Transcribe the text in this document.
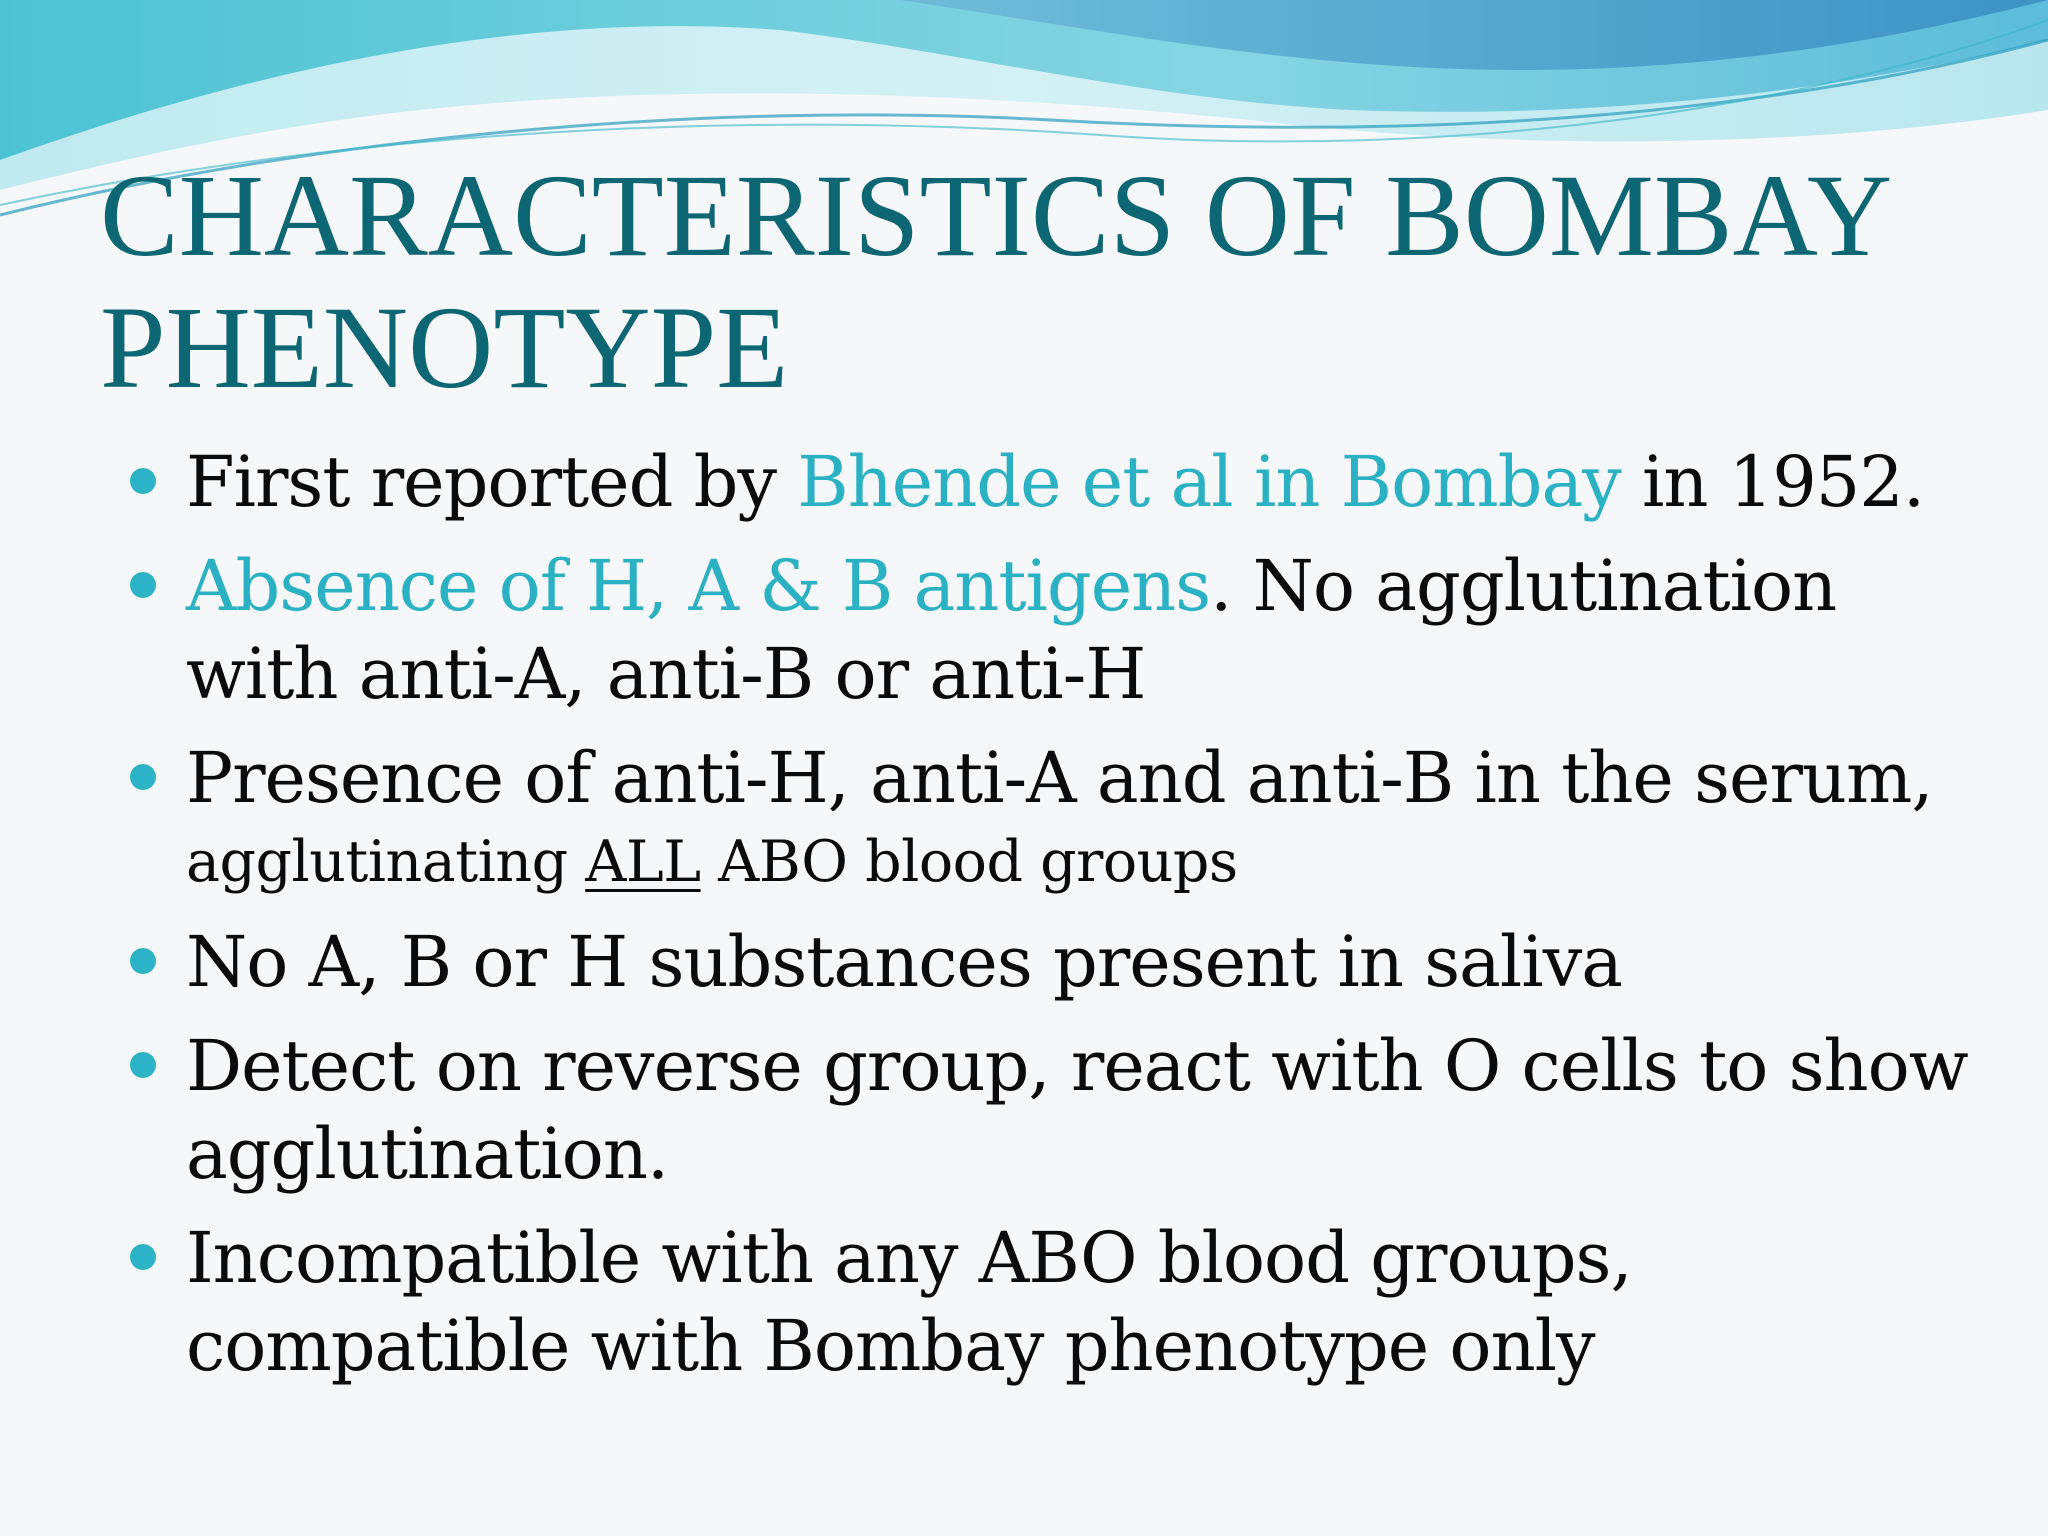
CHARACTERISTICS OF BOMBAY
PHENOTYPE
First reported by Bhende et al in Bombay in 1952.
Absence of H, A & B antigens. No agglutination
with anti-A, anti-B or anti-H
Presence of anti-H, anti-A and anti-B in the serum,
agglutinating ALL ABO blood groups
No A, B or H substances present in saliva
Detect on reverse group, react with O cells to show
agglutination.
Incompatible with any ABO blood groups,
compatible with Bombay phenotype only
